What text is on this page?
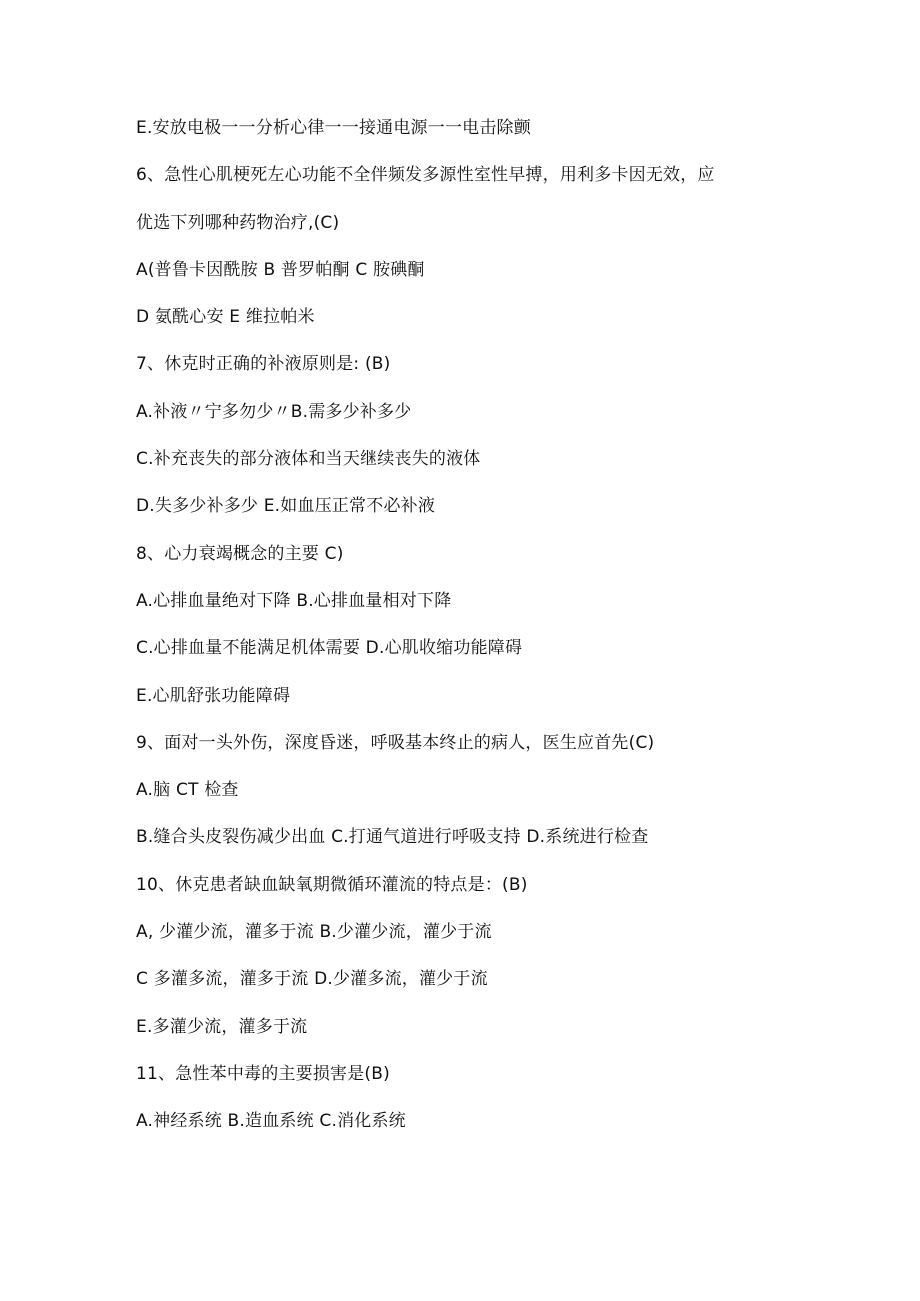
E.安放电极一一分析心律一一接通电源一一电击除颤
6、急性心肌梗死左心功能不全伴频发多源性室性早搏，用利多卡因无效，应
优选下列哪种药物治疗,(C)
A(普鲁卡因酰胺 B 普罗帕酮 C 胺碘酮
D 氨酰心安 E 维拉帕米
7、休克时正确的补液原则是: (B)
A.补液〃宁多勿少〃B.需多少补多少
C.补充丧失的部分液体和当天继续丧失的液体
D.失多少补多少 E.如血压正常不必补液
8、心力衰竭概念的主要 C)
A.心排血量绝对下降 B.心排血量相对下降
C.心排血量不能满足机体需要 D.心肌收缩功能障碍
E.心肌舒张功能障碍
9、面对一头外伤，深度昏迷，呼吸基本终止的病人，医生应首先(C)
A.脑 CT 检查
B.缝合头皮裂伤减少出血 C.打通气道进行呼吸支持 D.系统进行检查
10、休克患者缺血缺氧期微循环灌流的特点是：(B)
A, 少灌少流，灌多于流 B.少灌少流，灌少于流
C 多灌多流，灌多于流 D.少灌多流，灌少于流
E.多灌少流，灌多于流
11、急性苯中毒的主要损害是(B)
A.神经系统 B.造血系统 C.消化系统
